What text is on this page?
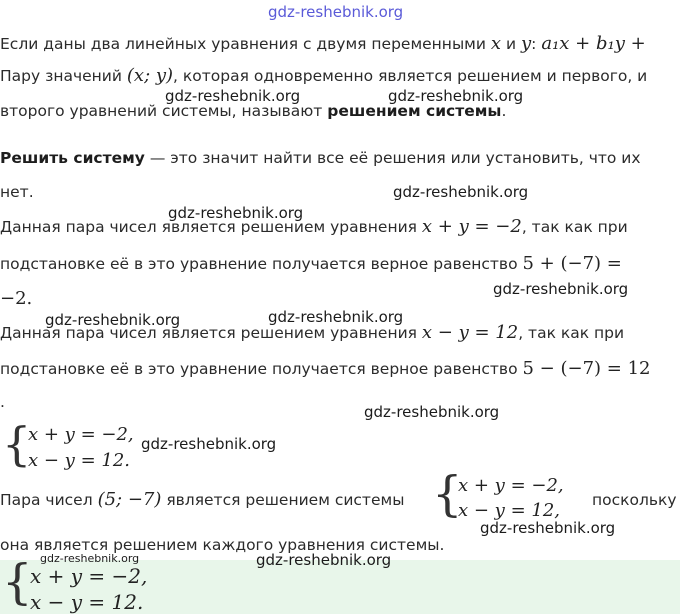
gdz-reshebnik.org
Если даны два линейных уравнения с двумя переменными x и y: a₁x + b₁y +
Пару значений (x; y), которая одновременно является решением и первого, и
второго уравнений системы, называют решением системы.
gdz-reshebnik.org	gdz-reshebnik.org
Решить систему — это значит найти все её решения или установить, что их
нет.	gdz-reshebnik.org
gdz-reshebnik.org
Данная пара чисел является решением уравнения x + y = −2, так как при
подстановке её в это уравнение получается верное равенство 5 + (−7) =
−2.	gdz-reshebnik.org
gdz-reshebnik.org	gdz-reshebnik.org
Данная пара чисел является решением уравнения x − y = 12, так как при
подстановке её в это уравнение получается верное равенство 5 − (−7) = 12
.
gdz-reshebnik.org
{
x + y = −2,
x − y = 12.
gdz-reshebnik.org
Пара чисел (5; −7) является решением системы {
x + y = −2,
x − y = 12, поскольку
gdz-reshebnik.org
она является решением каждого уравнения системы.
gdz-reshebnik.org	gdz-reshebnik.org
{
x + y = −2,
x − y = 12.
